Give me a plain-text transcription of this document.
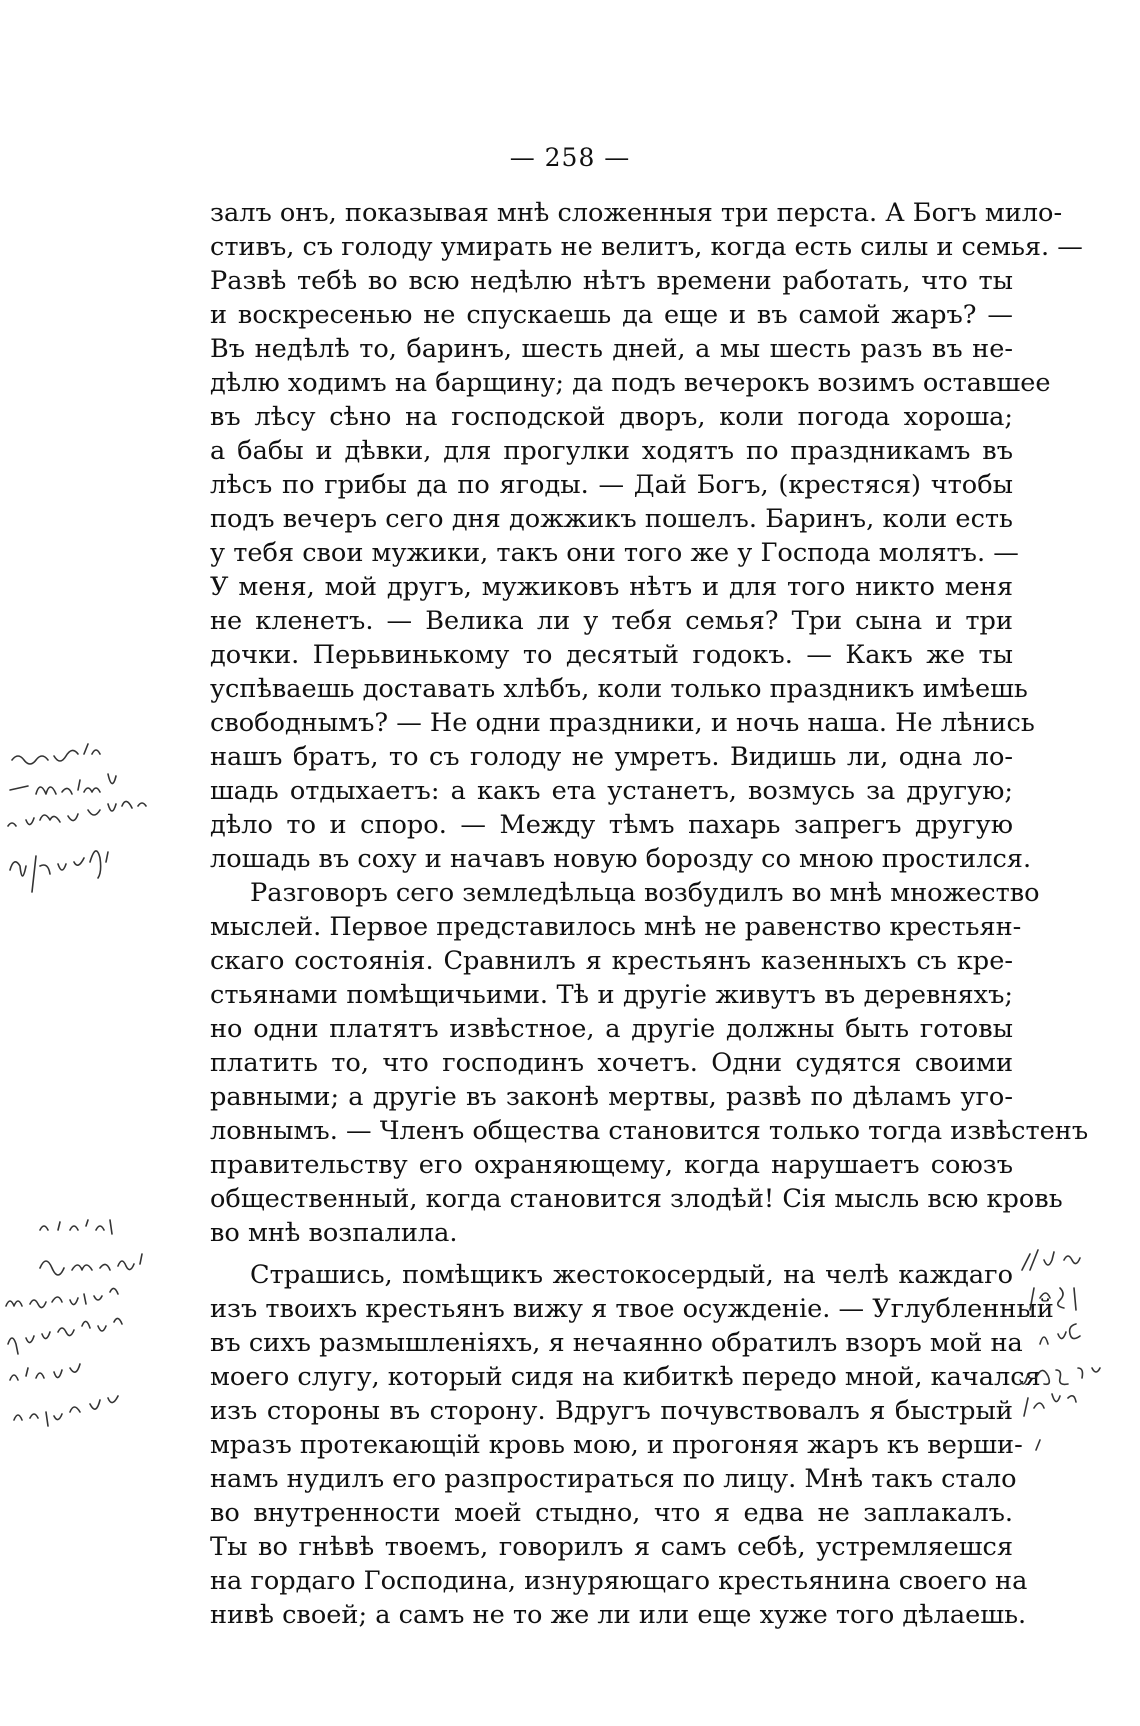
— 258 —
залъ онъ, показывая мнѣ сложенныя три перста. А Богъ мило-
стивъ, съ голоду умирать не велитъ, когда есть силы и семья. —
Развѣ тебѣ во всю недѣлю нѣтъ времени работать, что ты
и воскресенью не спускаешь да еще и въ самой жаръ? —
Въ недѣлѣ то, баринъ, шесть дней, а мы шесть разъ въ не-
дѣлю ходимъ на барщину; да подъ вечерокъ возимъ оставшее
въ лѣсу сѣно на господской дворъ, коли погода хороша;
а бабы и дѣвки, для прогулки ходятъ по праздникамъ въ
лѣсъ по грибы да по ягоды. — Дай Богъ, (крестяся) чтобы
подъ вечеръ сего дня дожжикъ пошелъ. Баринъ, коли есть
у тебя свои мужики, такъ они того же у Господа молятъ. —
У меня, мой другъ, мужиковъ нѣтъ и для того никто меня
не кленетъ. — Велика ли у тебя семья? Три сына и три
дочки. Перьвинькому то десятый годокъ. — Какъ же ты
успѣваешь доставать хлѣбъ, коли только праздникъ имѣешь
свободнымъ? — Не одни праздники, и ночь наша. Не лѣнись
нашъ братъ, то съ голоду не умретъ. Видишь ли, одна ло-
шадь отдыхаетъ: а какъ ета устанетъ, возмусь за другую;
дѣло то и споро. — Между тѣмъ пахарь запрегъ другую
лошадь въ соху и начавъ новую борозду со мною простился.
Разговоръ сего земледѣльца возбудилъ во мнѣ множество
мыслей. Первое представилось мнѣ не равенство крестьян-
скаго состоянія. Сравнилъ я крестьянъ казенныхъ съ кре-
стьянами помѣщичьими. Тѣ и другіе живутъ въ деревняхъ;
но одни платятъ извѣстное, а другіе должны быть готовы
платить то, что господинъ хочетъ. Одни судятся своими
равными; а другіе въ законѣ мертвы, развѣ по дѣламъ уго-
ловнымъ. — Членъ общества становится только тогда извѣстенъ
правительству его охраняющему, когда нарушаетъ союзъ
общественный, когда становится злодѣй! Сія мысль всю кровь
во мнѣ возпалила.
Страшись, помѣщикъ жестокосердый, на челѣ каждаго
изъ твоихъ крестьянъ вижу я твое осужденіе. — Углубленный
въ сихъ размышленіяхъ, я нечаянно обратилъ взоръ мой на
моего слугу, который сидя на кибиткѣ передо мной, качался
изъ стороны въ сторону. Вдругъ почувствовалъ я быстрый
мразъ протекающій кровь мою, и прогоняя жаръ къ верши-
намъ нудилъ его разпростираться по лицу. Мнѣ такъ стало
во внутренности моей стыдно, что я едва не заплакалъ.
Ты во гнѣвѣ твоемъ, говорилъ я самъ себѣ, устремляешся
на гордаго Господина, изнуряющаго крестьянина своего на
нивѣ своей; а самъ не то же ли или еще хуже того дѣлаешь.
